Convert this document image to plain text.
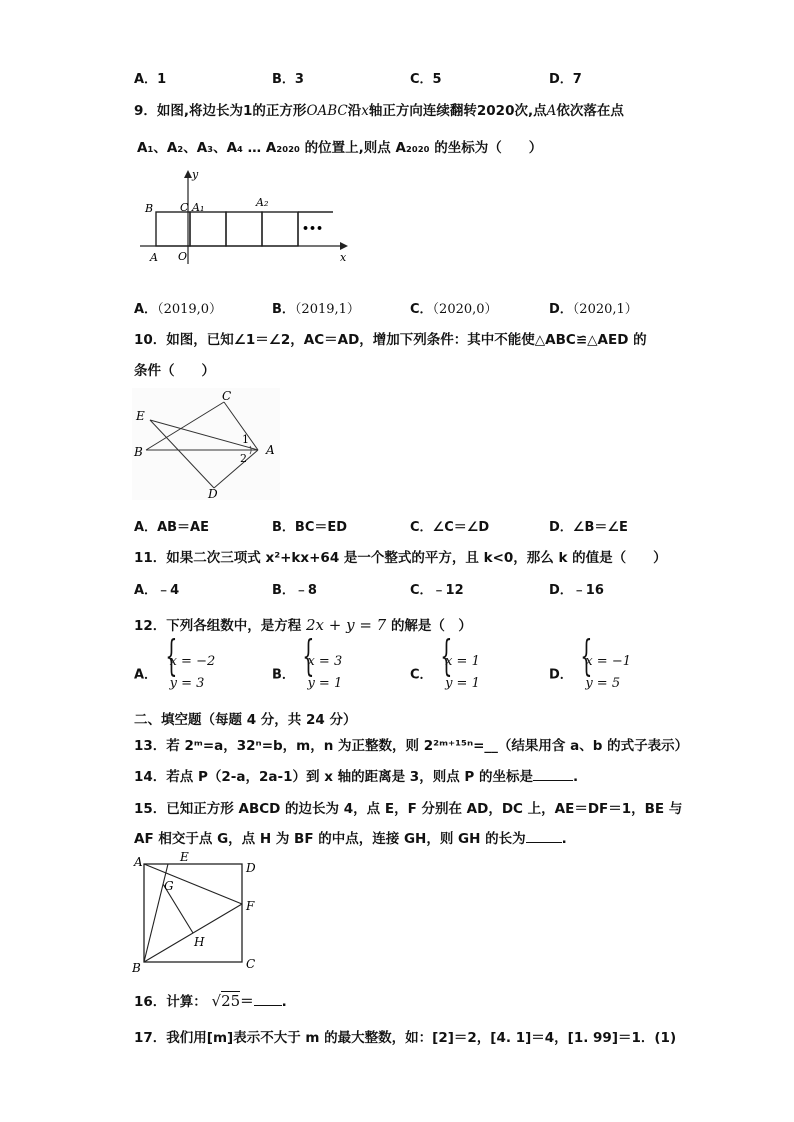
A．1	B．3	C．5	D．7
9．如图,将边长为1的正方形OABC沿x轴正方向连续翻转2020次,点A依次落在点
A₁、A₂、A₃、A₄ … A₂₀₂₀ 的位置上,则点 A₂₀₂₀ 的坐标为（　　）
•••
y
x
B C A₁	A₂
A O
A．（2019,0）	B．（2019,1）	C．（2020,0）	D．（2020,1）
10．如图，已知∠1＝∠2，AC＝AD，增加下列条件：其中不能使△ABC≌△AED 的
条件（　　）
C
E
B	A
D
1
2
A．AB＝AE	B．BC＝ED	C．∠C＝∠D	D．∠B＝∠E
11．如果二次三项式 x²+kx+64 是一个整式的平方，且 k<0，那么 k 的值是（　　）
A．﹣4	B．﹣8	C．﹣12	D．﹣16
12．下列各组数中，是方程 2x + y = 7 的解是（　）
A． { x = −2
y = 3
B． { x = 3
y = 1
C． { x = 1
y = 1
D． { x = −1
y = 5
二、填空题（每题 4 分，共 24 分）
13．若 2ᵐ=a，32ⁿ=b，m，n 为正整数，则 2²ᵐ⁺¹⁵ⁿ=__（结果用含 a、b 的式子表示）
14．若点 P（2-a，2a-1）到 x 轴的距离是 3，则点 P 的坐标是	.
15．已知正方形 ABCD 的边长为 4，点 E，F 分别在 AD，DC 上，AE＝DF＝1，BE 与
AF 相交于点 G，点 H 为 BF 的中点，连接 GH，则 GH 的长为	.
A	E
D
G
F
H
B	C
16．计算： √25＝ .
17．我们用[m]表示不大于 m 的最大整数，如：[2]＝2，[4. 1]＝4，[1. 99]＝1．(1)
